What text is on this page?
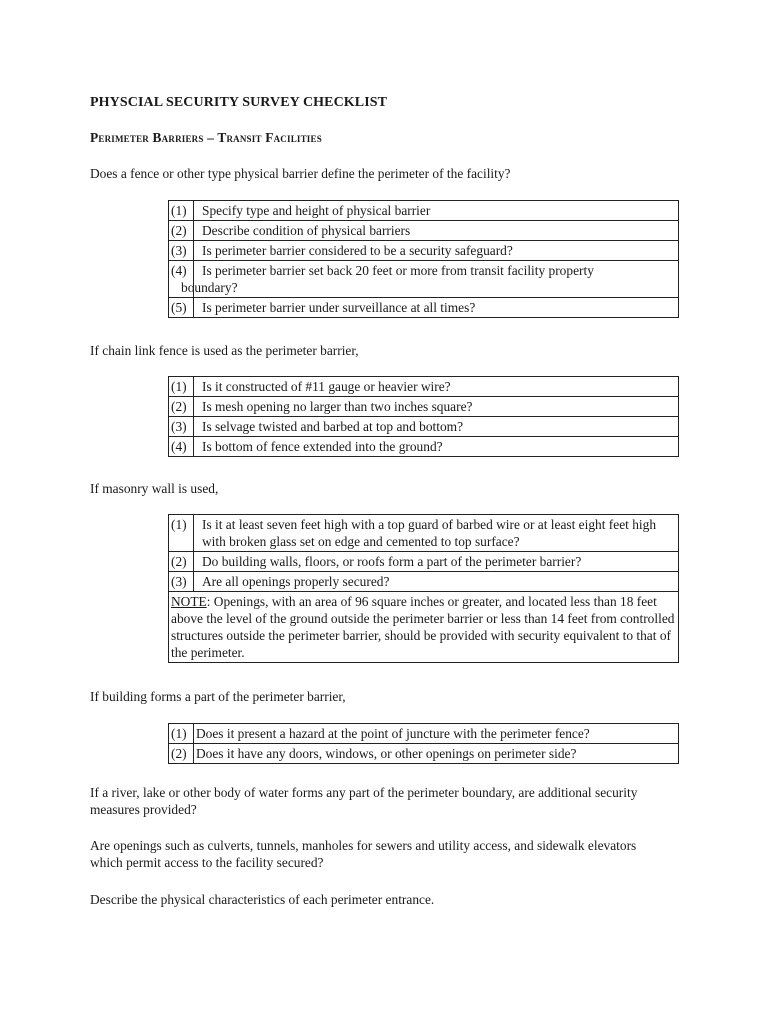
PHYSCIAL SECURITY SURVEY CHECKLIST

Perimeter Barriers – Transit Facilities

Does a fence or other type physical barrier define the perimeter of the facility?

(1)	Specify type and height of physical barrier
(2)	Describe condition of physical barriers
(3)	Is perimeter barrier considered to be a security safeguard?
(4)	Is perimeter barrier set back 20 feet or more from transit facility property
boundary?

(5)	Is perimeter barrier under surveillance at all times?

If chain link fence is used as the perimeter barrier,

(1)	Is it constructed of #11 gauge or heavier wire?
(2)	Is mesh opening no larger than two inches square?
(3)	Is selvage twisted and barbed at top and bottom?
(4)	Is bottom of fence extended into the ground?

If masonry wall is used,

(1)	Is it at least seven feet high with a top guard of barbed wire or at least eight feet high with broken glass set on edge and cemented to top surface?
(2)	Do building walls, floors, or roofs form a part of the perimeter barrier?
(3)	Are all openings properly secured?
NOTE: Openings, with an area of 96 square inches or greater, and located less than 18 feet above the level of the ground outside the perimeter barrier or less than 14 feet from controlled structures outside the perimeter barrier, should be provided with security equivalent to that of the perimeter.	

If building forms a part of the perimeter barrier,

(1)	Does it present a hazard at the point of juncture with the perimeter fence?
(2)	Does it have any doors, windows, or other openings on perimeter side?

If a river, lake or other body of water forms any part of the perimeter boundary, are additional security measures provided?

Are openings such as culverts, tunnels, manholes for sewers and utility access, and sidewalk elevators which permit access to the facility secured?

Describe the physical characteristics of each perimeter entrance.
